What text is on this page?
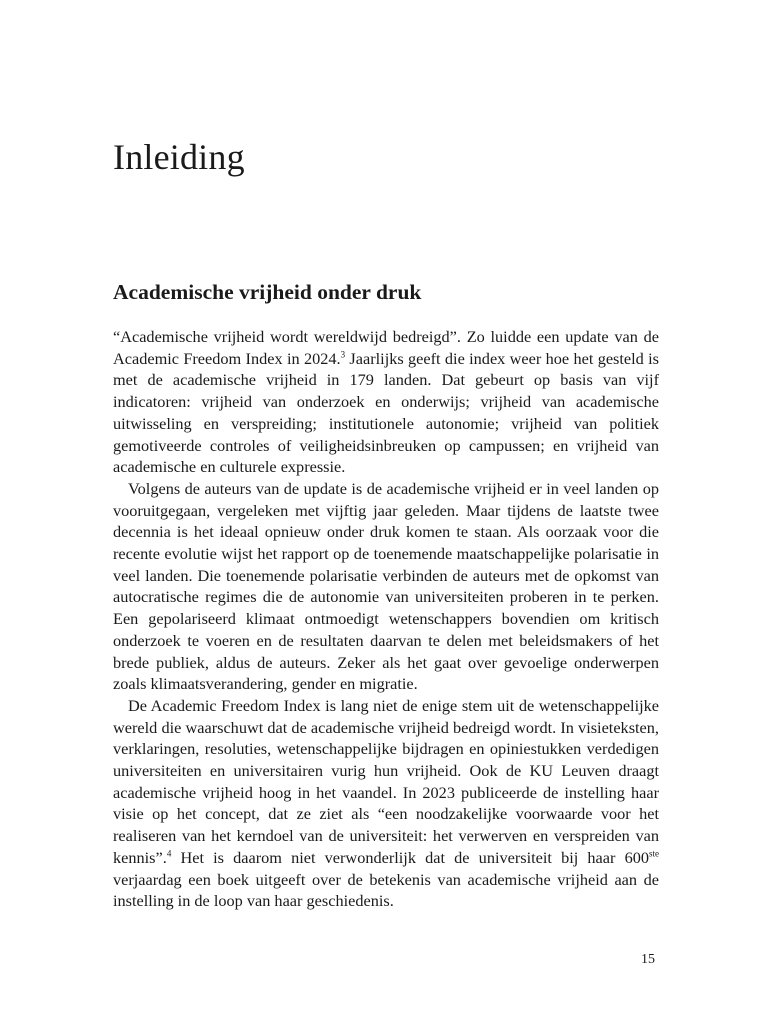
Inleiding
Academische vrijheid onder druk

“Academische vrijheid wordt wereldwijd bedreigd”. Zo luidde een update van de Academic Freedom Index in 2024.$^3$ Jaarlijks geeft die index weer hoe het gesteld is met de academische vrijheid in 179 landen. Dat gebeurt op basis van vijf indicatoren: vrijheid van onderzoek en onderwijs; vrijheid van academische uitwisseling en verspreiding; institutionele autonomie; vrijheid van politiek gemotiveerde controles of veiligheidsinbreuken op campussen; en vrijheid van academische en culturele expressie.

Volgens de auteurs van de update is de academische vrijheid er in veel landen op vooruitgegaan, vergeleken met vijftig jaar geleden. Maar tijdens de laatste twee decennia is het ideaal opnieuw onder druk komen te staan. Als oorzaak voor die recente evolutie wijst het rapport op de toenemende maatschappelijke polarisatie in veel landen. Die toenemende polarisatie verbinden de auteurs met de opkomst van autocratische regimes die de autonomie van universiteiten proberen in te perken. Een gepolariseerd klimaat ontmoedigt wetenschappers bovendien om kritisch onderzoek te voeren en de resultaten daarvan te delen met beleidsmakers of het brede publiek, aldus de auteurs. Zeker als het gaat over gevoelige onderwerpen zoals klimaatsverandering, gender en migratie.

De Academic Freedom Index is lang niet de enige stem uit de wetenschappelijke wereld die waarschuwt dat de academische vrijheid bedreigd wordt. In visieteksten, verklaringen, resoluties, wetenschappelijke bijdragen en opiniestukken verdedigen universiteiten en universitairen vurig hun vrijheid. Ook de KU Leuven draagt academische vrijheid hoog in het vaandel. In 2023 publiceerde de instelling haar visie op het concept, dat ze ziet als “een noodzakelijke voorwaarde voor het realiseren van het kerndoel van de universiteit: het verwerven en verspreiden van kennis”.$^4$ Het is daarom niet verwonderlijk dat de universiteit bij haar 600ste verjaardag een boek uitgeeft over de betekenis van academische vrijheid aan de instelling in de loop van haar geschiedenis.

15
